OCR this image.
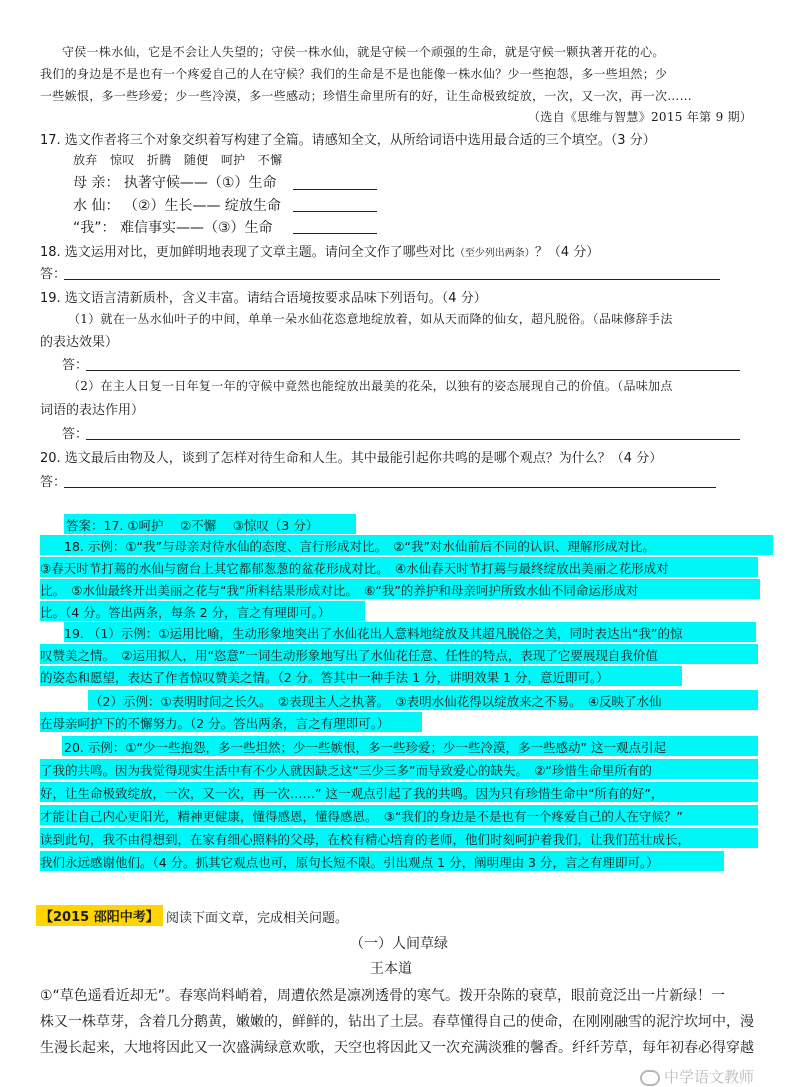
守侯一株水仙，它是不会让人失望的；守侯一株水仙，就是守候一个顽强的生命，就是守候一颗执著开花的心。
我们的身边是不是也有一个疼爱自己的人在守候？我们的生命是不是也能像一株水仙？少一些抱怨，多一些坦然；少
一些嫉恨，多一些珍爱；少一些冷漠，多一些感动；珍惜生命里所有的好，让生命极致绽放，一次，又一次，再一次……
（选自《思维与智慧》2015 年第 9 期）
17. 选文作者将三个对象交织着写构建了全篇。请感知全文，从所给词语中选用最合适的三个填空。（3 分）
放弃 惊叹 折腾 随便 呵护 不懈
母 亲： 执著守候——（①）生命
水 仙： （②）生长—— 绽放生命
“我”： 难信事实——（③）生命
18. 选文运用对比，更加鲜明地表现了文章主题。请问全文作了哪些对比（至少列出两条）？（4 分）
答：
19. 选文语言清新质朴，含义丰富。请结合语境按要求品味下列语句。（4 分）
（1）就在一丛水仙叶子的中间，单单一朵水仙花恣意地绽放着，如从天而降的仙女，超凡脱俗。（品味修辞手法
的表达效果）
答：
（2）在主人日复一日年复一年的守候中竟然也能绽放出最美的花朵，以独有的姿态展现自己的价值。（品味加点
词语的表达作用）
答：
20. 选文最后由物及人，谈到了怎样对待生命和人生。其中最能引起你共鸣的是哪个观点？为什么？（4 分）
答：
答案：17. ①呵护　 ②不懈　 ③惊叹（3 分）
18. 示例：①“我”与母亲对待水仙的态度、言行形成对比。　②“我”对水仙前后不同的认识、理解形成对比。
③春天时节打蔫的水仙与窗台上其它都郁葱葱的盆花形成对比。　④水仙春天时节打蔫与最终绽放出美丽之花形成对
比。　⑤水仙最终开出美丽之花与“我”所料结果形成对比。　⑥“我”的养护和母亲呵护所致水仙不同命运形成对
比。（4 分。答出两条，每条 2 分，言之有理即可。）
19. （1）示例：①运用比喻，生动形象地突出了水仙花出人意料地绽放及其超凡脱俗之美，同时表达出“我”的惊
叹赞美之情。　②运用拟人，用“恣意”一词生动形象地写出了水仙花任意、任性的特点，表现了它要展现自我价值
的姿态和愿望，表达了作者惊叹赞美之情。（2 分。答其中一种手法 1 分，讲明效果 1 分，意近即可。）
（2）示例：①表明时间之长久。　②表现主人之执著。　③表明水仙花得以绽放来之不易。　④反映了水仙
在母亲呵护下的不懈努力。（2 分。答出两条，言之有理即可。）
20. 示例：①“少一些抱怨，多一些坦然；少一些嫉恨，多一些珍爱；少一些冷漠，多一些感动” 这一观点引起
了我的共鸣。因为我觉得现实生活中有不少人就因缺乏这“三少三多”而导致爱心的缺失。　②“珍惜生命里所有的
好，让生命极致绽放，一次，又一次，再一次……” 这一观点引起了我的共鸣。因为只有珍惜生命中“所有的好”，
才能让自己内心更阳光，精神更健康，懂得感恩，懂得感恩。　③“我们的身边是不是也有一个疼爱自己的人在守候？”
读到此句，我不由得想到，在家有细心照料的父母，在校有精心培育的老师，他们时刻呵护着我们，让我们茁壮成长，
我们永远感谢他们。（4 分。抓其它观点也可，原句长短不限。引出观点 1 分，阐明理由 3 分，言之有理即可。）
【2015 邵阳中考】 阅读下面文章，完成相关问题。
（一）人间草绿
王本道
①“草色遥看近却无”。春寒尚料峭着，周遭依然是凛冽透骨的寒气。拨开杂陈的衰草，眼前竟泛出一片新绿！一
株又一株草芽，含着几分鹅黄，嫩嫩的，鲜鲜的，钻出了土层。春草懂得自己的使命，在刚刚融雪的泥泞坎坷中，漫
生漫长起来，大地将因此又一次盛满绿意欢歌，天空也将因此又一次充满淡雅的馨香。纤纤芳草，每年初春必得穿越
中学语文教师
